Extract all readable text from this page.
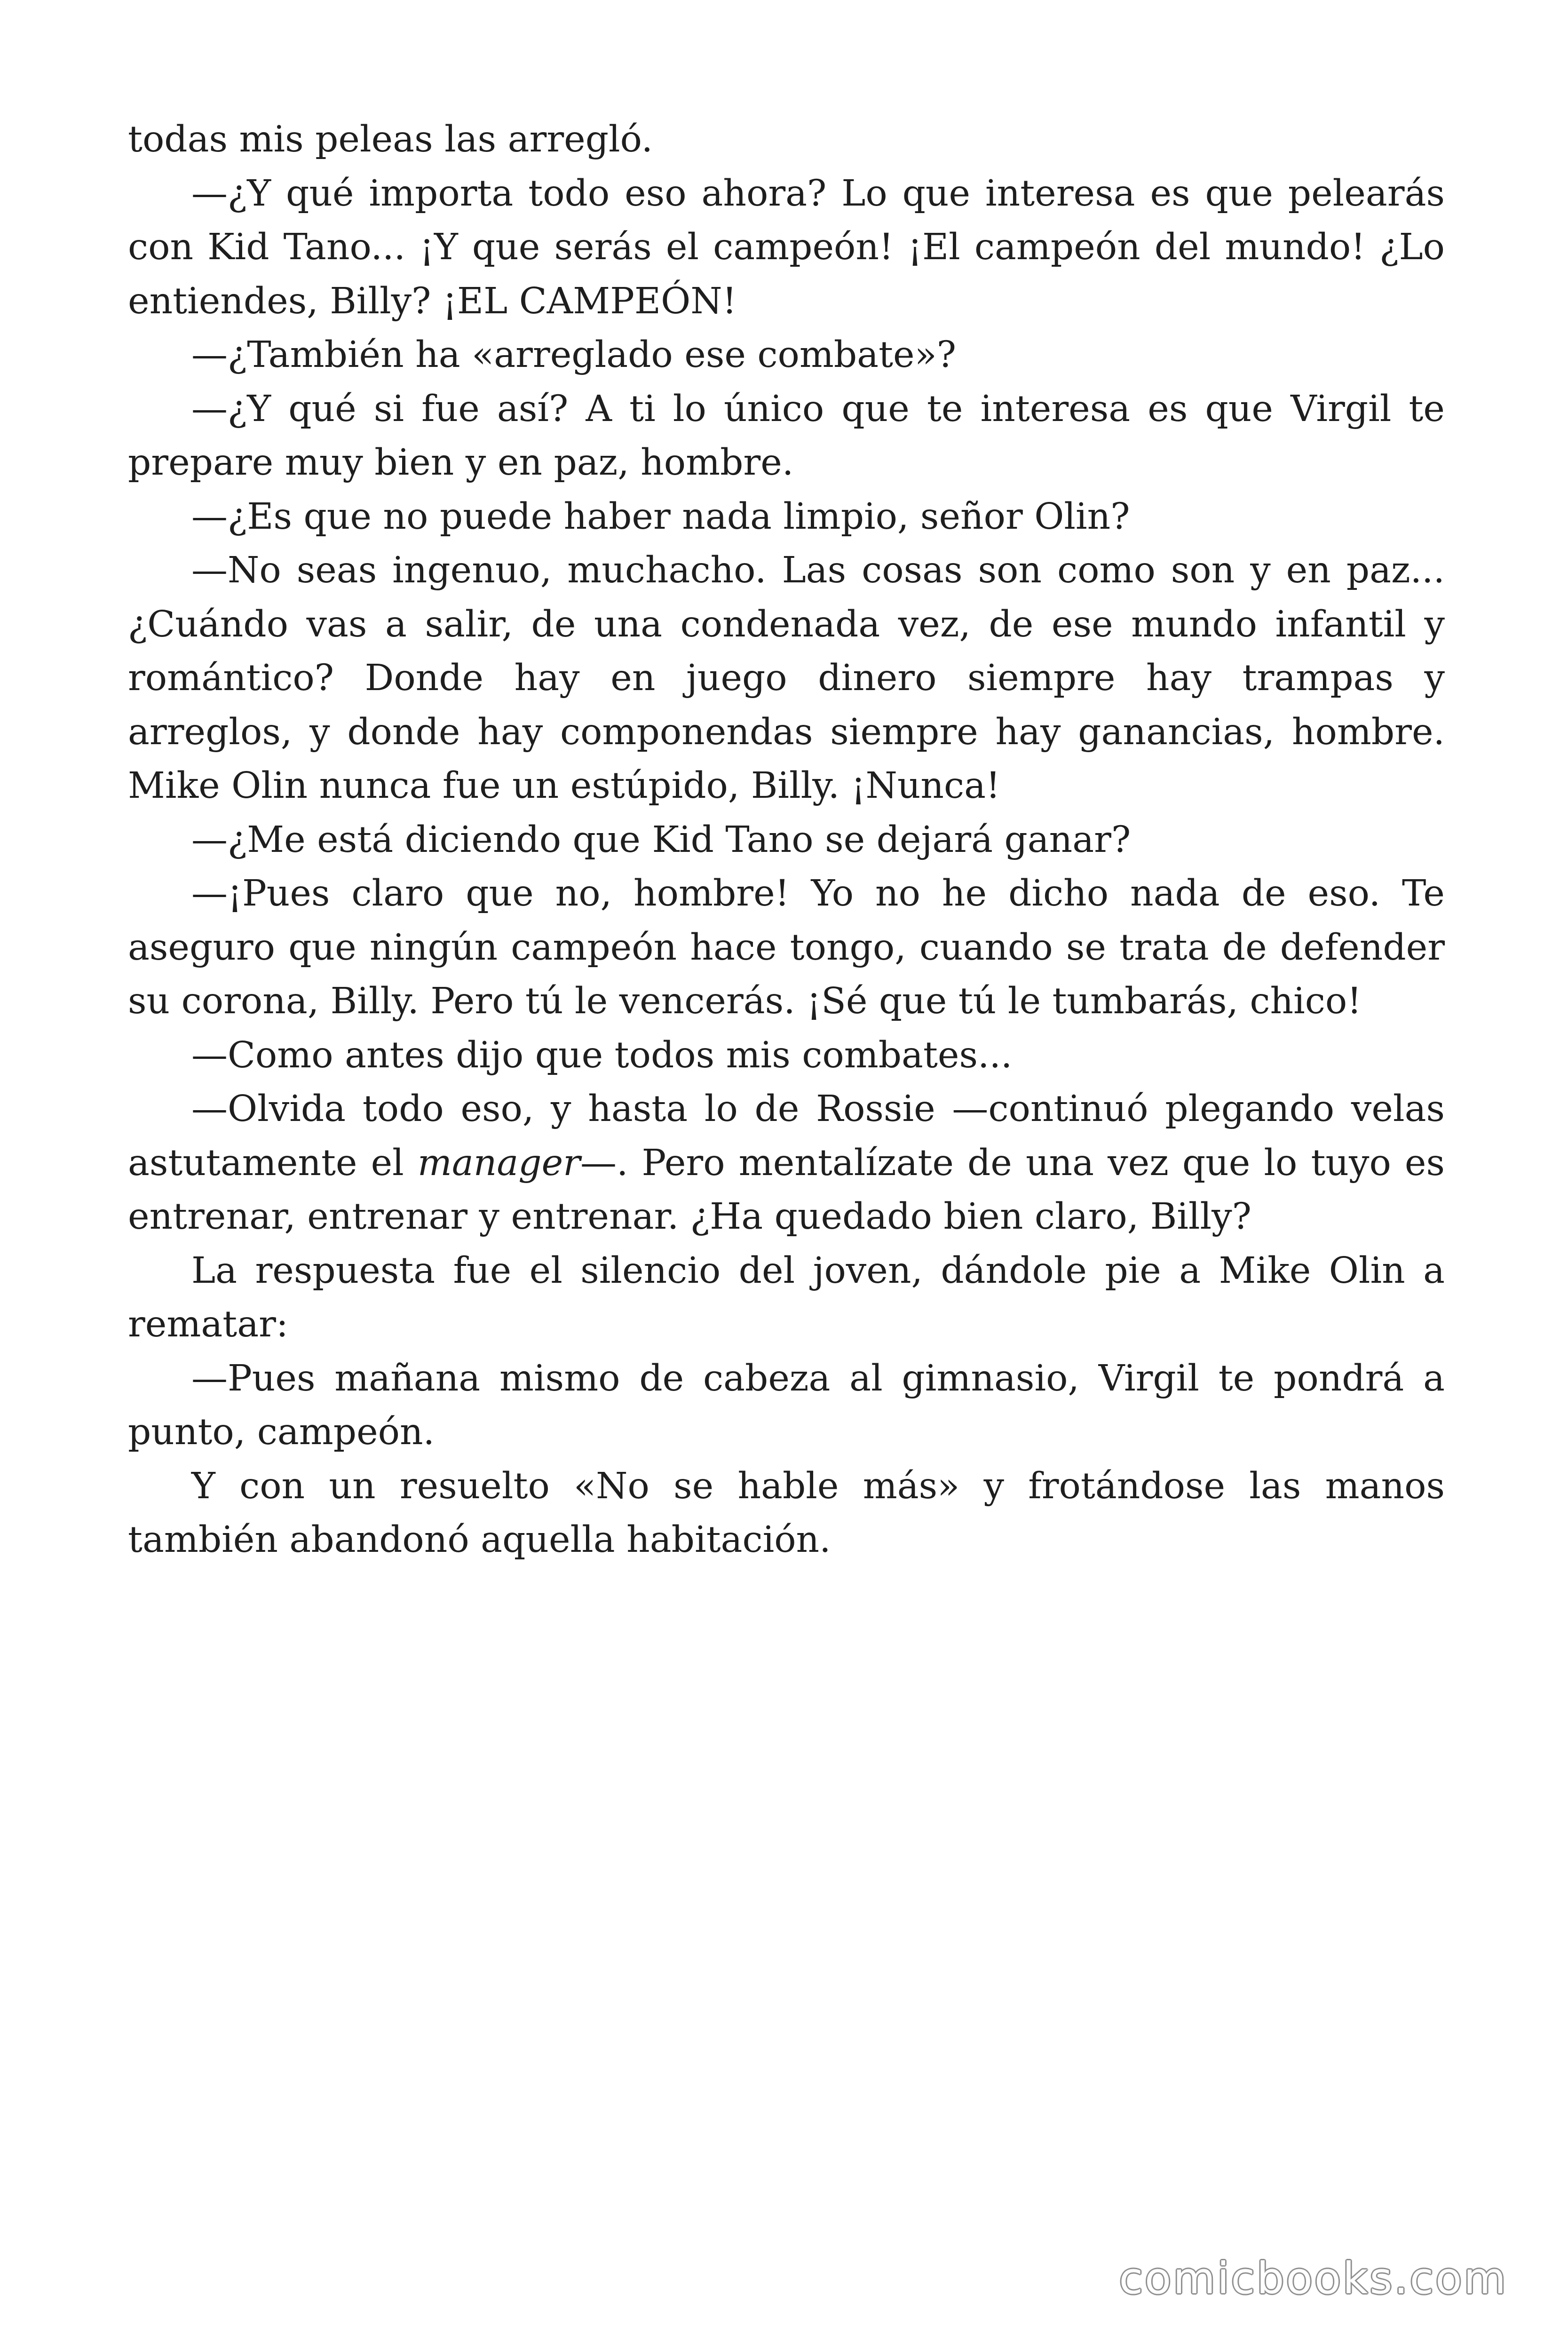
todas mis peleas las arregló.

—¿Y qué importa todo eso ahora? Lo que interesa es que pelearás con Kid Tano... ¡Y que serás el campeón! ¡El campeón del mundo! ¿Lo entiendes, Billy? ¡EL CAMPEÓN!

—¿También ha «arreglado ese combate»?

—¿Y qué si fue así? A ti lo único que te interesa es que Virgil te prepare muy bien y en paz, hombre.

—¿Es que no puede haber nada limpio, señor Olin?

—No seas ingenuo, muchacho. Las cosas son como son y en paz... ¿Cuándo vas a salir, de una condenada vez, de ese mundo infantil y romántico? Donde hay en juego dinero siempre hay trampas y arreglos, y donde hay componendas siempre hay ganancias, hombre. Mike Olin nunca fue un estúpido, Billy. ¡Nunca!

—¿Me está diciendo que Kid Tano se dejará ganar?

—¡Pues claro que no, hombre! Yo no he dicho nada de eso. Te aseguro que ningún campeón hace tongo, cuando se trata de defender su corona, Billy. Pero tú le vencerás. ¡Sé que tú le tumbarás, chico!

—Como antes dijo que todos mis combates...

—Olvida todo eso, y hasta lo de Rossie —continuó plegando velas astutamente el manager—. Pero mentalízate de una vez que lo tuyo es entrenar, entrenar y entrenar. ¿Ha quedado bien claro, Billy?

La respuesta fue el silencio del joven, dándole pie a Mike Olin a rematar:

—Pues mañana mismo de cabeza al gimnasio, Virgil te pondrá a punto, campeón.

Y con un resuelto «No se hable más» y frotándose las manos también abandonó aquella habitación.

comicbooks.com
